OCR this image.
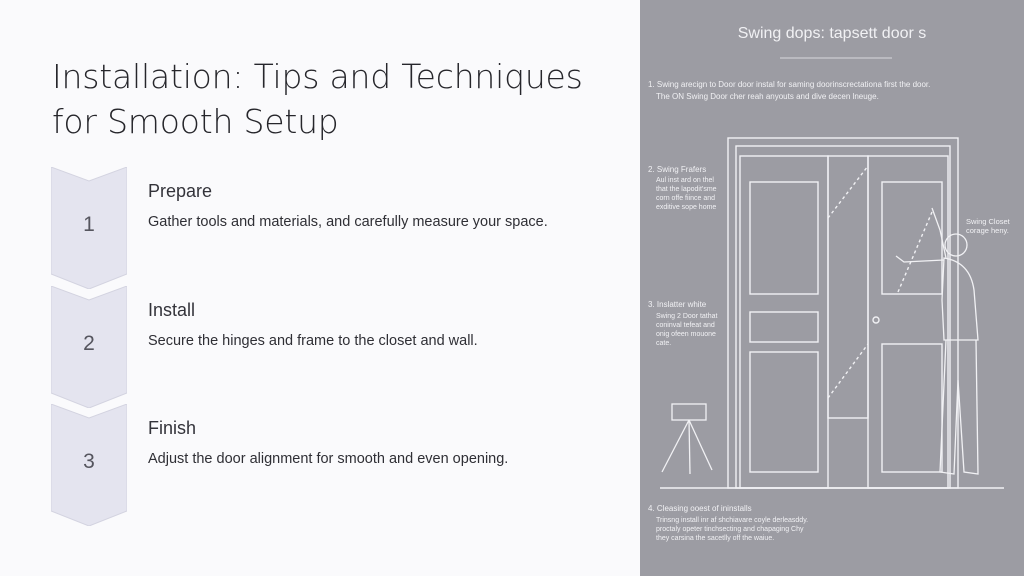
Installation: Tips and Techniques for Smooth Setup
1
Prepare
Gather tools and materials, and carefully measure your space.
2
Install
Secure the hinges and frame to the closet and wall.
3
Finish
Adjust the door alignment for smooth and even opening.
Swing dops: tapsett door s
1. Swing arecign to Door door instal for saming doorinscrectationa first the door.
The ON Swing Door cher reah anyouts and dive decen lneuge.
2. Swing Frafers
Aul inst ard on thel
that the lapodit’sme
corn offe fiince and
exditive sope home
Swing Closet
corage heny.
3. Inslatter white
Swing 2 Door tathat
coninval tefeat and
onig ofeen mouone
cate.
4. Cleasing ooest of ininstalls
Trinsng install inr af shchiavare coyle derleasddy.
proctaly opeter tinchsecting and chapaging Chy
they carsina the sacetlly off the waiue.
